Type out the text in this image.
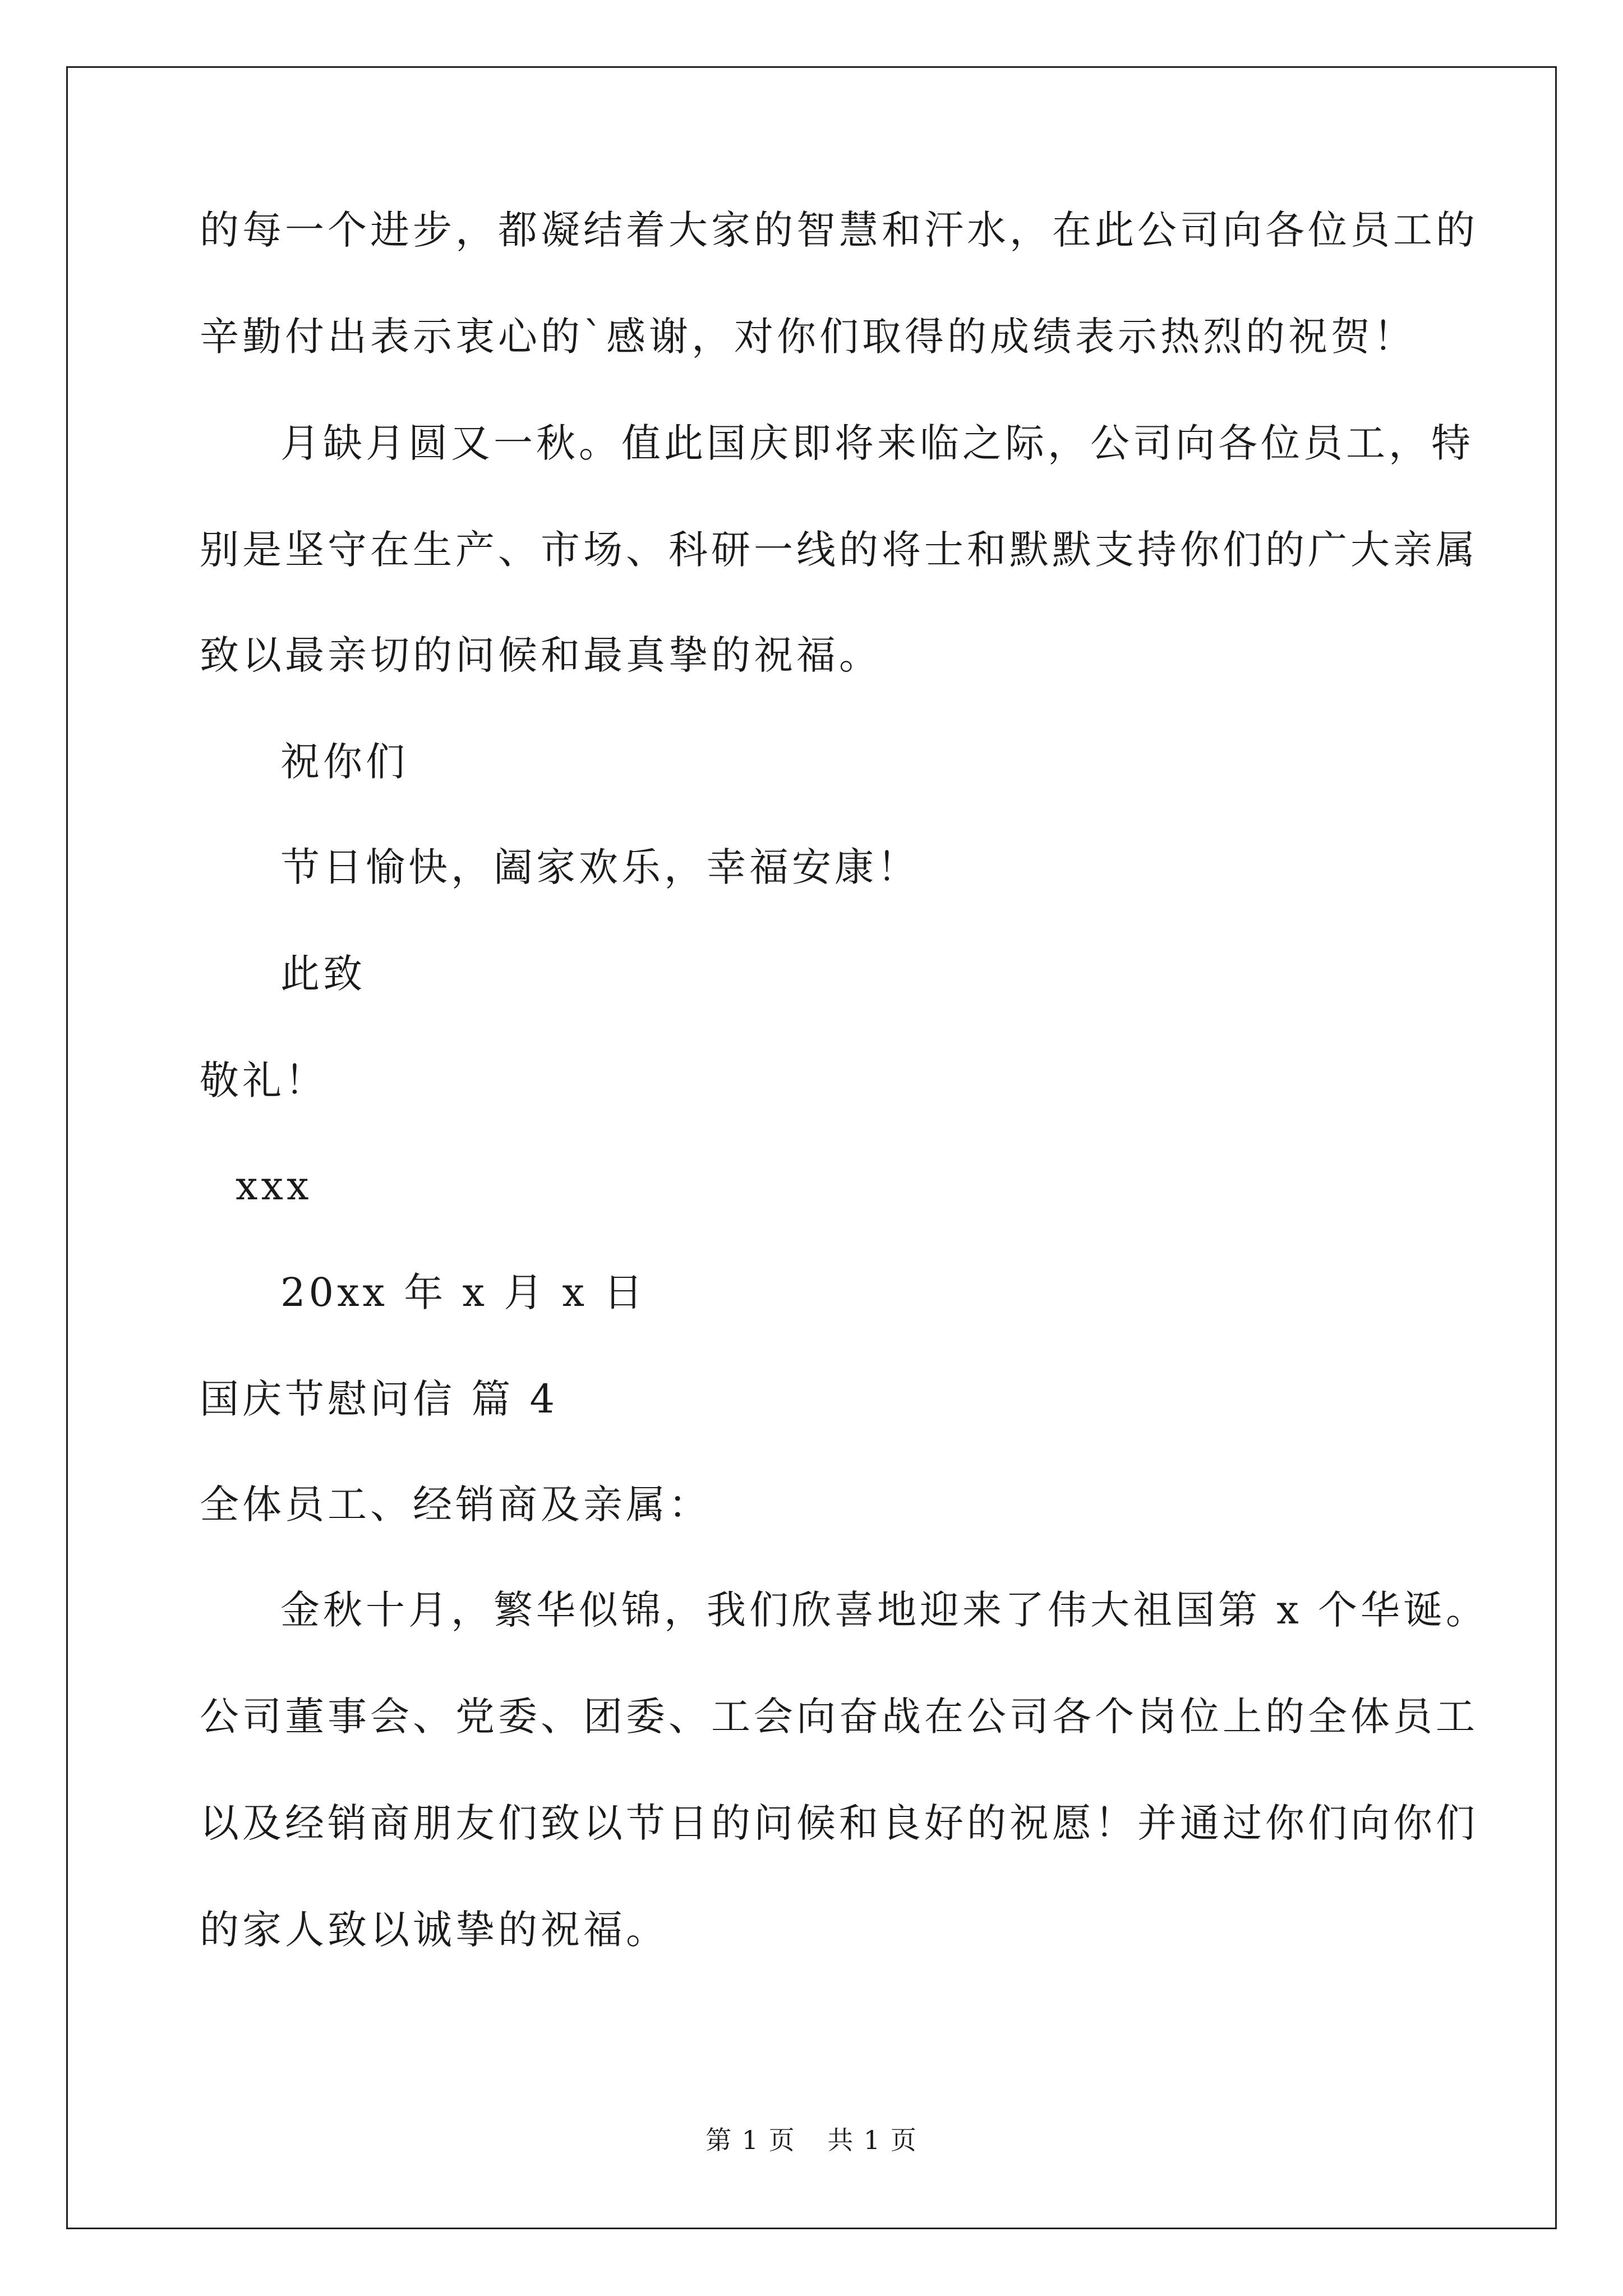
的每一个进步，都凝结着大家的智慧和汗水，在此公司向各位员工的
辛勤付出表示衷心的`感谢，对你们取得的成绩表示热烈的祝贺！
月缺月圆又一秋。值此国庆即将来临之际，公司向各位员工，特
别是坚守在生产、市场、科研一线的将士和默默支持你们的广大亲属
致以最亲切的问候和最真挚的祝福。
祝你们
节日愉快，阖家欢乐，幸福安康！
此致
敬礼！
xxx
20xx 年 x 月 x 日
国庆节慰问信 篇 4
全体员工、经销商及亲属：
金秋十月，繁华似锦，我们欣喜地迎来了伟大祖国第 x 个华诞。
公司董事会、党委、团委、工会向奋战在公司各个岗位上的全体员工
以及经销商朋友们致以节日的问候和良好的祝愿！并通过你们向你们
的家人致以诚挚的祝福。
第 1 页 共 1 页
